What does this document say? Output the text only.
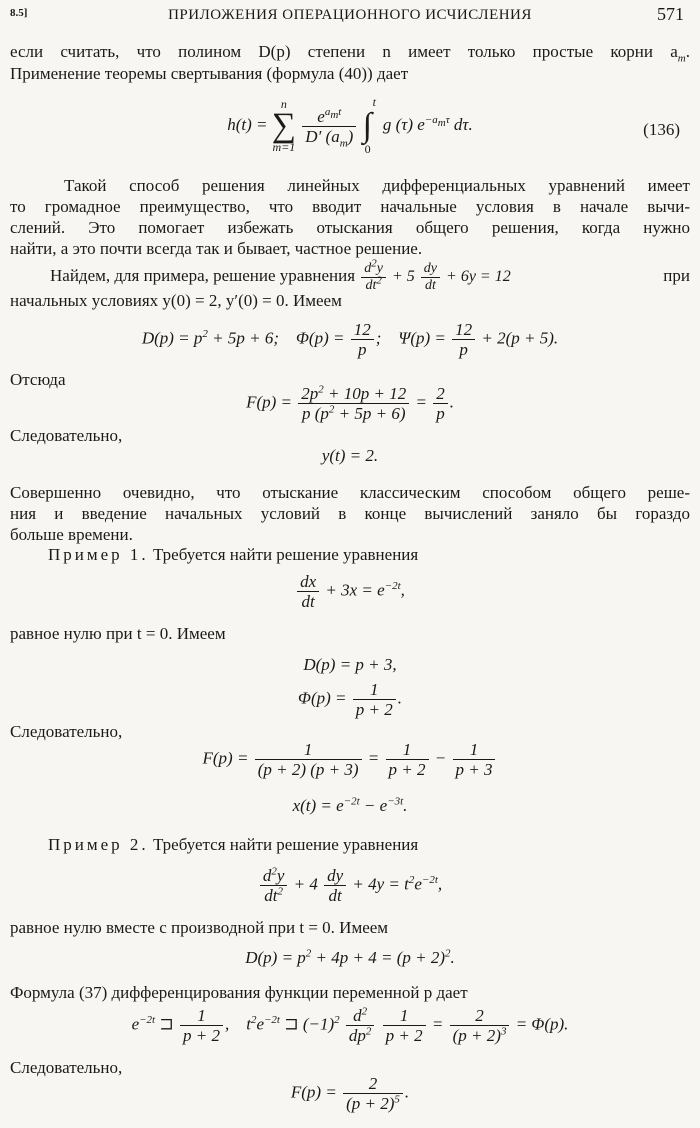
8.5]	ПРИЛОЖЕНИЯ ОПЕРАЦИОННОГО ИСЧИСЛЕНИЯ	571
если считать, что полином D(p) степени n имеет только простые корни $a_m$.
Применение теоремы свертывания (формула (40)) дает
h(t) =
n
∑
m=1

$\frac{e^{a_mt}}{D' (a_m)}$

t
∫
0
g (τ) $e^{-a_m\tau}$ dτ.	(136)
Такой способ решения линейных дифференциальных уравнений имеет
то громадное преимущество, что вводит начальные условия в начале вычи-
слений. Это помогает избежать отыскания общего решения, когда нужно
найти, а это почти всегда так и бывает, частное решение.
Найдем, для примера, решение уравнения $\frac{d^2y}{dt^2} + 5 \frac{dy}{dt} + 6y = 12$	при
начальных условиях y(0) = 2, y′(0) = 0. Имеем
$D(p) = p^2 + 5p + 6$;    $\Phi(p) = \frac{12}{p}$ ;    $\Psi(p) = \frac{12}{p} + 2(p + 5)$.
Отсюда
$F(p) = \frac{2p^2 + 10p + 12}{p (p^2 + 5p + 6)} = \frac{2}{p}$ .
Следовательно,
y(t) = 2.
Совершенно очевидно, что отыскание классическим способом общего реше-
ния и введение начальных условий в конце вычислений заняло бы гораздо
больше времени.
Пример 1. Требуется найти решение уравнения
$\frac{dx}{dt} + 3x = e^{-2t}$,
равное нулю при t = 0. Имеем
D(p) = p + 3,
$\Phi(p) = \frac{1}{p + 2}$ .
Следовательно,
$F(p) = \frac{1}{(p + 2) (p + 3)} = \frac{1}{p + 2} - \frac{1}{p + 3}$
$x(t) = e^{-2t} - e^{-3t}$.
Пример 2. Требуется найти решение уравнения
$\frac{d^2y}{dt^2} + 4 \frac{dy}{dt} + 4y = t^2e^{-2t}$,
равное нулю вместе с производной при t = 0. Имеем
$D(p) = p^2 + 4p + 4 = (p + 2)^2$.
Формула (37) дифференцирования функции переменной p дает
$e^{-2t}$ ⊐ $\frac{1}{p + 2}$ ,    $t^2e^{-2t}$ ⊐ $(-1)^2 \frac{d^2}{dp^2}$
$\frac{1}{p + 2} = \frac{2}{(p + 2)^3} = \Phi(p)$.
Следовательно,
$F(p) = \frac{2}{(p + 2)^5}$ .
